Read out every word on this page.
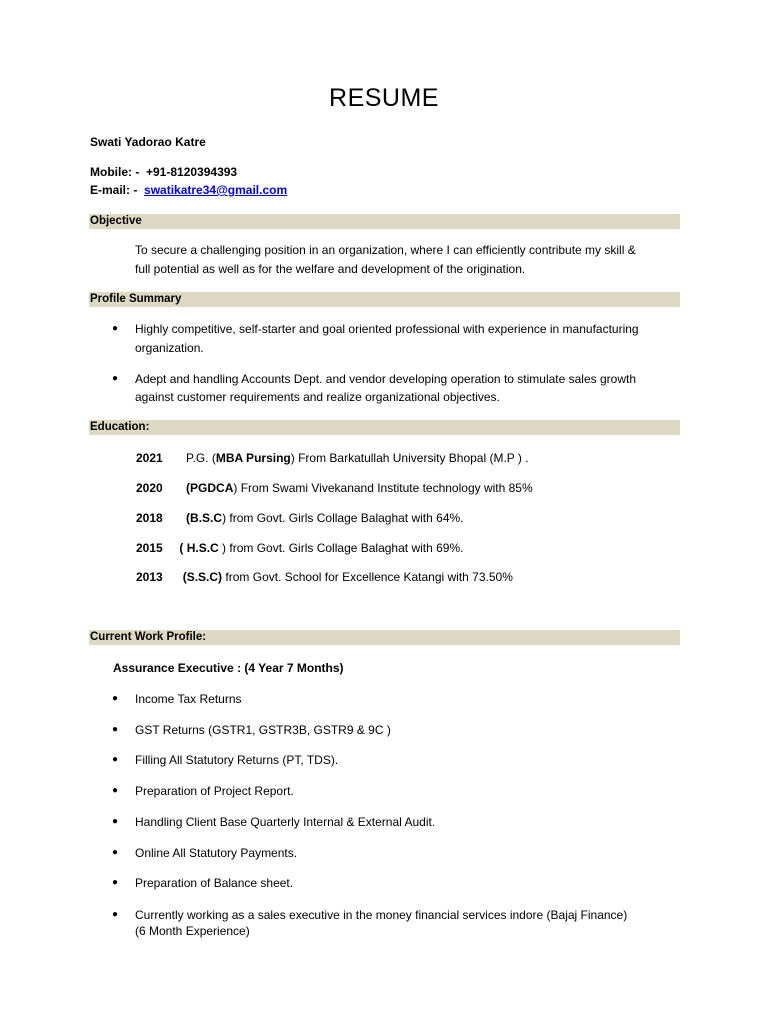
RESUME
Swati Yadorao Katre
Mobile: - +91-8120394393
E-mail: - swatikatre34@gmail.com
Objective
To secure a challenging position in an organization, where I can efficiently contribute my skill &
full potential as well as for the welfare and development of the origination.
Profile Summary
● Highly competitive, self-starter and goal oriented professional with experience in manufacturing
organization.
● Adept and handling Accounts Dept. and vendor developing operation to stimulate sales growth
against customer requirements and realize organizational objectives.
Education:
2021 P.G. (MBA Pursing) From Barkatullah University Bhopal (M.P ) .
2020 (PGDCA) From Swami Vivekanand Institute technology with 85%
2018 (B.S.C) from Govt. Girls Collage Balaghat with 64%.
2015 ( H.S.C ) from Govt. Girls Collage Balaghat with 69%.
2013 (S.S.C) from Govt. School for Excellence Katangi with 73.50%
Current Work Profile:
Assurance Executive : (4 Year 7 Months)
● Income Tax Returns
● GST Returns (GSTR1, GSTR3B, GSTR9 & 9C )
● Filling All Statutory Returns (PT, TDS).
● Preparation of Project Report.
● Handling Client Base Quarterly Internal & External Audit.
● Online All Statutory Payments.
● Preparation of Balance sheet.
● Currently working as a sales executive in the money financial services indore (Bajaj Finance)
(6 Month Experience)
